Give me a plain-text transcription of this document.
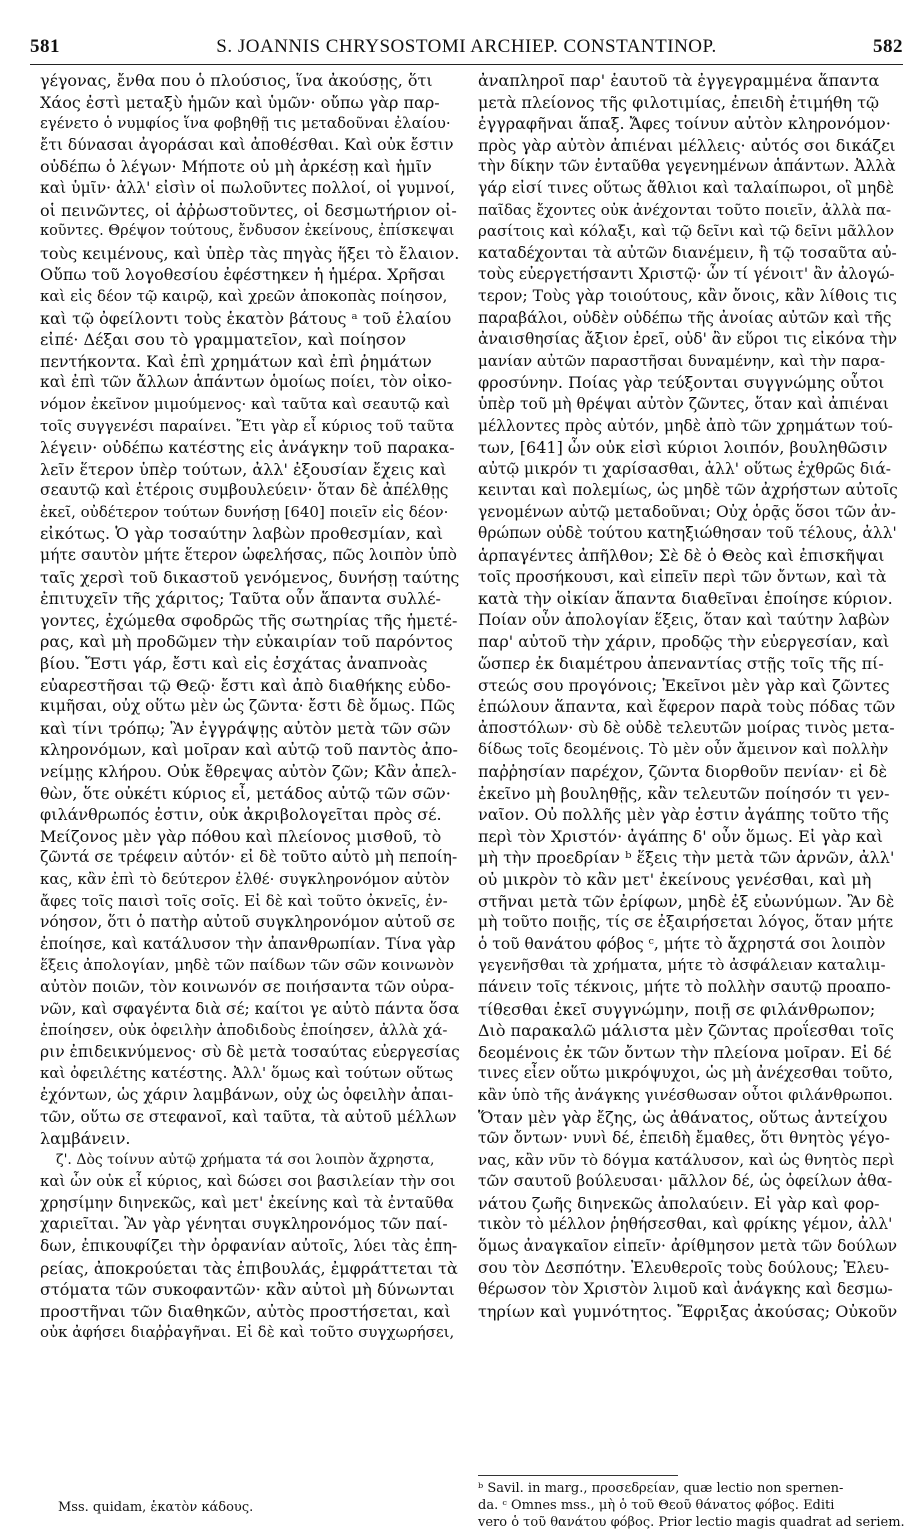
581	S. JOANNIS CHRYSOSTOMI ARCHIEP. CONSTANTINOP.	582
γέγονας, ἔνθα που ὁ πλούσιος, ἵνα ἀκούσῃς, ὅτι
Χάος ἐστὶ μεταξὺ ἡμῶν καὶ ὑμῶν· οὔπω γὰρ παρ-
εγένετο ὁ νυμφίος ἵνα φοβηθῇ τις μεταδοῦναι ἐλαίου·
ἔτι δύνασαι ἀγοράσαι καὶ ἀποθέσθαι. Καὶ οὐκ ἔστιν
οὐδέπω ὁ λέγων· Μήποτε οὐ μὴ ἀρκέσῃ καὶ ἡμῖν
καὶ ὑμῖν· ἀλλ' εἰσὶν οἱ πωλοῦντες πολλοί, οἱ γυμνοί,
οἱ πεινῶντες, οἱ ἀῤῥωστοῦντες, οἱ δεσμωτήριον οἰ-
κοῦντες. Θρέψον τούτους, ἔνδυσον ἐκείνους, ἐπίσκεψαι
τοὺς κειμένους, καὶ ὑπὲρ τὰς πηγὰς ἥξει τὸ ἔλαιον.
Οὔπω τοῦ λογοθεσίου ἐφέστηκεν ἡ ἡμέρα. Χρῆσαι
καὶ εἰς δέον τῷ καιρῷ, καὶ χρεῶν ἀποκοπὰς ποίησον,
καὶ τῷ ὀφείλοντι τοὺς ἑκατὸν βάτους ᵃ τοῦ ἐλαίου
εἰπέ· Δέξαι σου τὸ γραμματεῖον, καὶ ποίησον
πεντήκοντα. Καὶ ἐπὶ χρημάτων καὶ ἐπὶ ῥημάτων
καὶ ἐπὶ τῶν ἄλλων ἁπάντων ὁμοίως ποίει, τὸν οἰκο-
νόμον ἐκεῖνον μιμούμενος· καὶ ταῦτα καὶ σεαυτῷ καὶ
τοῖς συγγενέσι παραίνει. Ἔτι γὰρ εἶ κύριος τοῦ ταῦτα
λέγειν· οὐδέπω κατέστης εἰς ἀνάγκην τοῦ παρακα-
λεῖν ἕτερον ὑπὲρ τούτων, ἀλλ' ἐξουσίαν ἔχεις καὶ
σεαυτῷ καὶ ἑτέροις συμβουλεύειν· ὅταν δὲ ἀπέλθῃς
ἐκεῖ, οὐδέτερον τούτων δυνήσῃ [640] ποιεῖν εἰς δέον·
εἰκότως. Ὁ γὰρ τοσαύτην λαβὼν προθεσμίαν, καὶ
μήτε σαυτὸν μήτε ἕτερον ὠφελήσας, πῶς λοιπὸν ὑπὸ
ταῖς χερσὶ τοῦ δικαστοῦ γενόμενος, δυνήσῃ ταύτης
ἐπιτυχεῖν τῆς χάριτος; Ταῦτα οὖν ἅπαντα συλλέ-
γοντες, ἐχώμεθα σφοδρῶς τῆς σωτηρίας τῆς ἡμετέ-
ρας, καὶ μὴ προδῶμεν τὴν εὐκαιρίαν τοῦ παρόντος
βίου. Ἔστι γάρ, ἔστι καὶ εἰς ἐσχάτας ἀναπνοὰς
εὐαρεστῆσαι τῷ Θεῷ· ἔστι καὶ ἀπὸ διαθήκης εὐδο-
κιμῆσαι, οὐχ οὕτω μὲν ὡς ζῶντα· ἔστι δὲ ὅμως. Πῶς
καὶ τίνι τρόπῳ; Ἂν ἐγγράψῃς αὐτὸν μετὰ τῶν σῶν
κληρονόμων, καὶ μοῖραν καὶ αὐτῷ τοῦ παντὸς ἀπο-
νείμῃς κλήρου. Οὐκ ἔθρεψας αὐτὸν ζῶν; Κἂν ἀπελ-
θὼν, ὅτε οὐκέτι κύριος εἶ, μετάδος αὐτῷ τῶν σῶν·
φιλάνθρωπός ἐστιν, οὐκ ἀκριβολογεῖται πρὸς σέ.
Μείζονος μὲν γὰρ πόθου καὶ πλείονος μισθοῦ, τὸ
ζῶντά σε τρέφειν αὐτόν· εἰ δὲ τοῦτο αὐτὸ μὴ πεποίη-
κας, κἂν ἐπὶ τὸ δεύτερον ἐλθέ· συγκληρονόμον αὐτὸν
ἄφες τοῖς παισὶ τοῖς σοῖς. Εἰ δὲ καὶ τοῦτο ὀκνεῖς, ἐν-
νόησον, ὅτι ὁ πατὴρ αὐτοῦ συγκληρονόμον αὐτοῦ σε
ἐποίησε, καὶ κατάλυσον τὴν ἀπανθρωπίαν. Τίνα γὰρ
ἕξεις ἀπολογίαν, μηδὲ τῶν παίδων τῶν σῶν κοινωνὸν
αὐτὸν ποιῶν, τὸν κοινωνόν σε ποιήσαντα τῶν οὐρα-
νῶν, καὶ σφαγέντα διὰ σέ; καίτοι γε αὐτὸ πάντα ὅσα
ἐποίησεν, οὐκ ὀφειλὴν ἀποδιδοὺς ἐποίησεν, ἀλλὰ χά-
ριν ἐπιδεικνύμενος· σὺ δὲ μετὰ τοσαύτας εὐεργεσίας
καὶ ὀφειλέτης κατέστης. Ἀλλ' ὅμως καὶ τούτων οὕτως
ἐχόντων, ὡς χάριν λαμβάνων, οὐχ ὡς ὀφειλὴν ἀπαι-
τῶν, οὕτω σε στεφανοῖ, καὶ ταῦτα, τὰ αὐτοῦ μέλλων
λαμβάνειν.
ζ'. Δὸς τοίνυν αὐτῷ χρήματα τά σοι λοιπὸν ἄχρηστα,
καὶ ὧν οὐκ εἶ κύριος, καὶ δώσει σοι βασιλείαν τὴν σοι
χρησίμην διηνεκῶς, καὶ μετ' ἐκείνης καὶ τὰ ἐνταῦθα
χαριεῖται. Ἂν γὰρ γένηται συγκληρονόμος τῶν παί-
δων, ἐπικουφίζει τὴν ὀρφανίαν αὐτοῖς, λύει τὰς ἐπη-
ρείας, ἀποκρούεται τὰς ἐπιβουλάς, ἐμφράττεται τὰ
στόματα τῶν συκοφαντῶν· κἂν αὐτοὶ μὴ δύνωνται
προστῆναι τῶν διαθηκῶν, αὐτὸς προστήσεται, καὶ
οὐκ ἀφήσει διαῤῥαγῆναι. Εἰ δὲ καὶ τοῦτο συγχωρήσει,
ἀναπληροῖ παρ' ἑαυτοῦ τὰ ἐγγεγραμμένα ἅπαντα
μετὰ πλείονος τῆς φιλοτιμίας, ἐπειδὴ ἐτιμήθη τῷ
ἐγγραφῆναι ἅπαξ. Ἄφες τοίνυν αὐτὸν κληρονόμον·
πρὸς γὰρ αὐτὸν ἀπιέναι μέλλεις· αὐτός σοι δικάζει
τὴν δίκην τῶν ἐνταῦθα γεγενημένων ἁπάντων. Ἀλλὰ
γάρ εἰσί τινες οὕτως ἄθλιοι καὶ ταλαίπωροι, οἳ μηδὲ
παῖδας ἔχοντες οὐκ ἀνέχονται τοῦτο ποιεῖν, ἀλλὰ πα-
ρασίτοις καὶ κόλαξι, καὶ τῷ δεῖνι καὶ τῷ δεῖνι μᾶλλον
καταδέχονται τὰ αὐτῶν διανέμειν, ἢ τῷ τοσαῦτα αὐ-
τοὺς εὐεργετήσαντι Χριστῷ· ὧν τί γένοιτ' ἂν ἀλογώ-
τερον; Τοὺς γὰρ τοιούτους, κἂν ὄνοις, κἂν λίθοις τις
παραβάλοι, οὐδὲν οὐδέπω τῆς ἀνοίας αὐτῶν καὶ τῆς
ἀναισθησίας ἄξιον ἐρεῖ, οὐδ' ἂν εὕροι τις εἰκόνα τὴν
μανίαν αὐτῶν παραστῆσαι δυναμένην, καὶ τὴν παρα-
φροσύνην. Ποίας γὰρ τεύξονται συγγνώμης οὗτοι
ὑπὲρ τοῦ μὴ θρέψαι αὐτὸν ζῶντες, ὅταν καὶ ἀπιέναι
μέλλοντες πρὸς αὐτόν, μηδὲ ἀπὸ τῶν χρημάτων τού-
των, [641] ὧν οὐκ εἰσὶ κύριοι λοιπόν, βουληθῶσιν
αὐτῷ μικρόν τι χαρίσασθαι, ἀλλ' οὕτως ἐχθρῶς διά-
κεινται καὶ πολεμίως, ὡς μηδὲ τῶν ἀχρήστων αὐτοῖς
γενομένων αὐτῷ μεταδοῦναι; Οὐχ ὁρᾷς ὅσοι τῶν ἀν-
θρώπων οὐδὲ τούτου κατηξιώθησαν τοῦ τέλους, ἀλλ'
ἁρπαγέντες ἀπῆλθον; Σὲ δὲ ὁ Θεὸς καὶ ἐπισκῆψαι
τοῖς προσήκουσι, καὶ εἰπεῖν περὶ τῶν ὄντων, καὶ τὰ
κατὰ τὴν οἰκίαν ἅπαντα διαθεῖναι ἐποίησε κύριον.
Ποίαν οὖν ἀπολογίαν ἕξεις, ὅταν καὶ ταύτην λαβὼν
παρ' αὐτοῦ τὴν χάριν, προδῷς τὴν εὐεργεσίαν, καὶ
ὥσπερ ἐκ διαμέτρου ἀπεναντίας στῇς τοῖς τῆς πί-
στεώς σου προγόνοις; Ἐκεῖνοι μὲν γὰρ καὶ ζῶντες
ἐπώλουν ἅπαντα, καὶ ἔφερον παρὰ τοὺς πόδας τῶν
ἀποστόλων· σὺ δὲ οὐδὲ τελευτῶν μοίρας τινὸς μετα-
δίδως τοῖς δεομένοις. Τὸ μὲν οὖν ἄμεινον καὶ πολλὴν
παῤῥησίαν παρέχον, ζῶντα διορθοῦν πενίαν· εἰ δὲ
ἐκεῖνο μὴ βουληθῇς, κἂν τελευτῶν ποίησόν τι γεν-
ναῖον. Οὐ πολλῆς μὲν γὰρ ἐστιν ἀγάπης τοῦτο τῆς
περὶ τὸν Χριστόν· ἀγάπης δ' οὖν ὅμως. Εἰ γὰρ καὶ
μὴ τὴν προεδρίαν ᵇ ἕξεις τὴν μετὰ τῶν ἀρνῶν, ἀλλ'
οὐ μικρὸν τὸ κἂν μετ' ἐκείνους γενέσθαι, καὶ μὴ
στῆναι μετὰ τῶν ἐρίφων, μηδὲ ἐξ εὐωνύμων. Ἂν δὲ
μὴ τοῦτο ποιῇς, τίς σε ἐξαιρήσεται λόγος, ὅταν μήτε
ὁ τοῦ θανάτου φόβος ᶜ, μήτε τὸ ἄχρηστά σοι λοιπὸν
γεγενῆσθαι τὰ χρήματα, μήτε τὸ ἀσφάλειαν καταλιμ-
πάνειν τοῖς τέκνοις, μήτε τὸ πολλὴν σαυτῷ προαπο-
τίθεσθαι ἐκεῖ συγγνώμην, ποιῇ σε φιλάνθρωπον;
Διὸ παρακαλῶ μάλιστα μὲν ζῶντας προΐεσθαι τοῖς
δεομένοις ἐκ τῶν ὄντων τὴν πλείονα μοῖραν. Εἰ δέ
τινες εἶεν οὕτω μικρόψυχοι, ὡς μὴ ἀνέχεσθαι τοῦτο,
κἂν ὑπὸ τῆς ἀνάγκης γινέσθωσαν οὗτοι φιλάνθρωποι.
Ὅταν μὲν γὰρ ἔζης, ὡς ἀθάνατος, οὕτως ἀντείχου
τῶν ὄντων· νυνὶ δέ, ἐπειδὴ ἔμαθες, ὅτι θνητὸς γέγο-
νας, κἂν νῦν τὸ δόγμα κατάλυσον, καὶ ὡς θνητὸς περὶ
τῶν σαυτοῦ βούλευσαι· μᾶλλον δέ, ὡς ὀφείλων ἀθα-
νάτου ζωῆς διηνεκῶς ἀπολαύειν. Εἰ γὰρ καὶ φορ-
τικὸν τὸ μέλλον ῥηθήσεσθαι, καὶ φρίκης γέμον, ἀλλ'
ὅμως ἀναγκαῖον εἰπεῖν· ἀρίθμησον μετὰ τῶν δούλων
σου τὸν Δεσπότην. Ἐλευθεροῖς τοὺς δούλους; Ἐλευ-
θέρωσον τὸν Χριστὸν λιμοῦ καὶ ἀνάγκης καὶ δεσμω-
τηρίων καὶ γυμνότητος. Ἔφριξας ἀκούσας; Οὐκοῦν
ᵇ Savil. in marg., προσεδρείαν, quæ lectio non spernen-
da. ᶜ Omnes mss., μὴ ὁ τοῦ Θεοῦ θάνατος φόβος. Editi
vero ὁ τοῦ θανάτου φόβος. Prior lectio magis quadrat ad seriem.
Mss. quidam, ἑκατὸν κάδους.
